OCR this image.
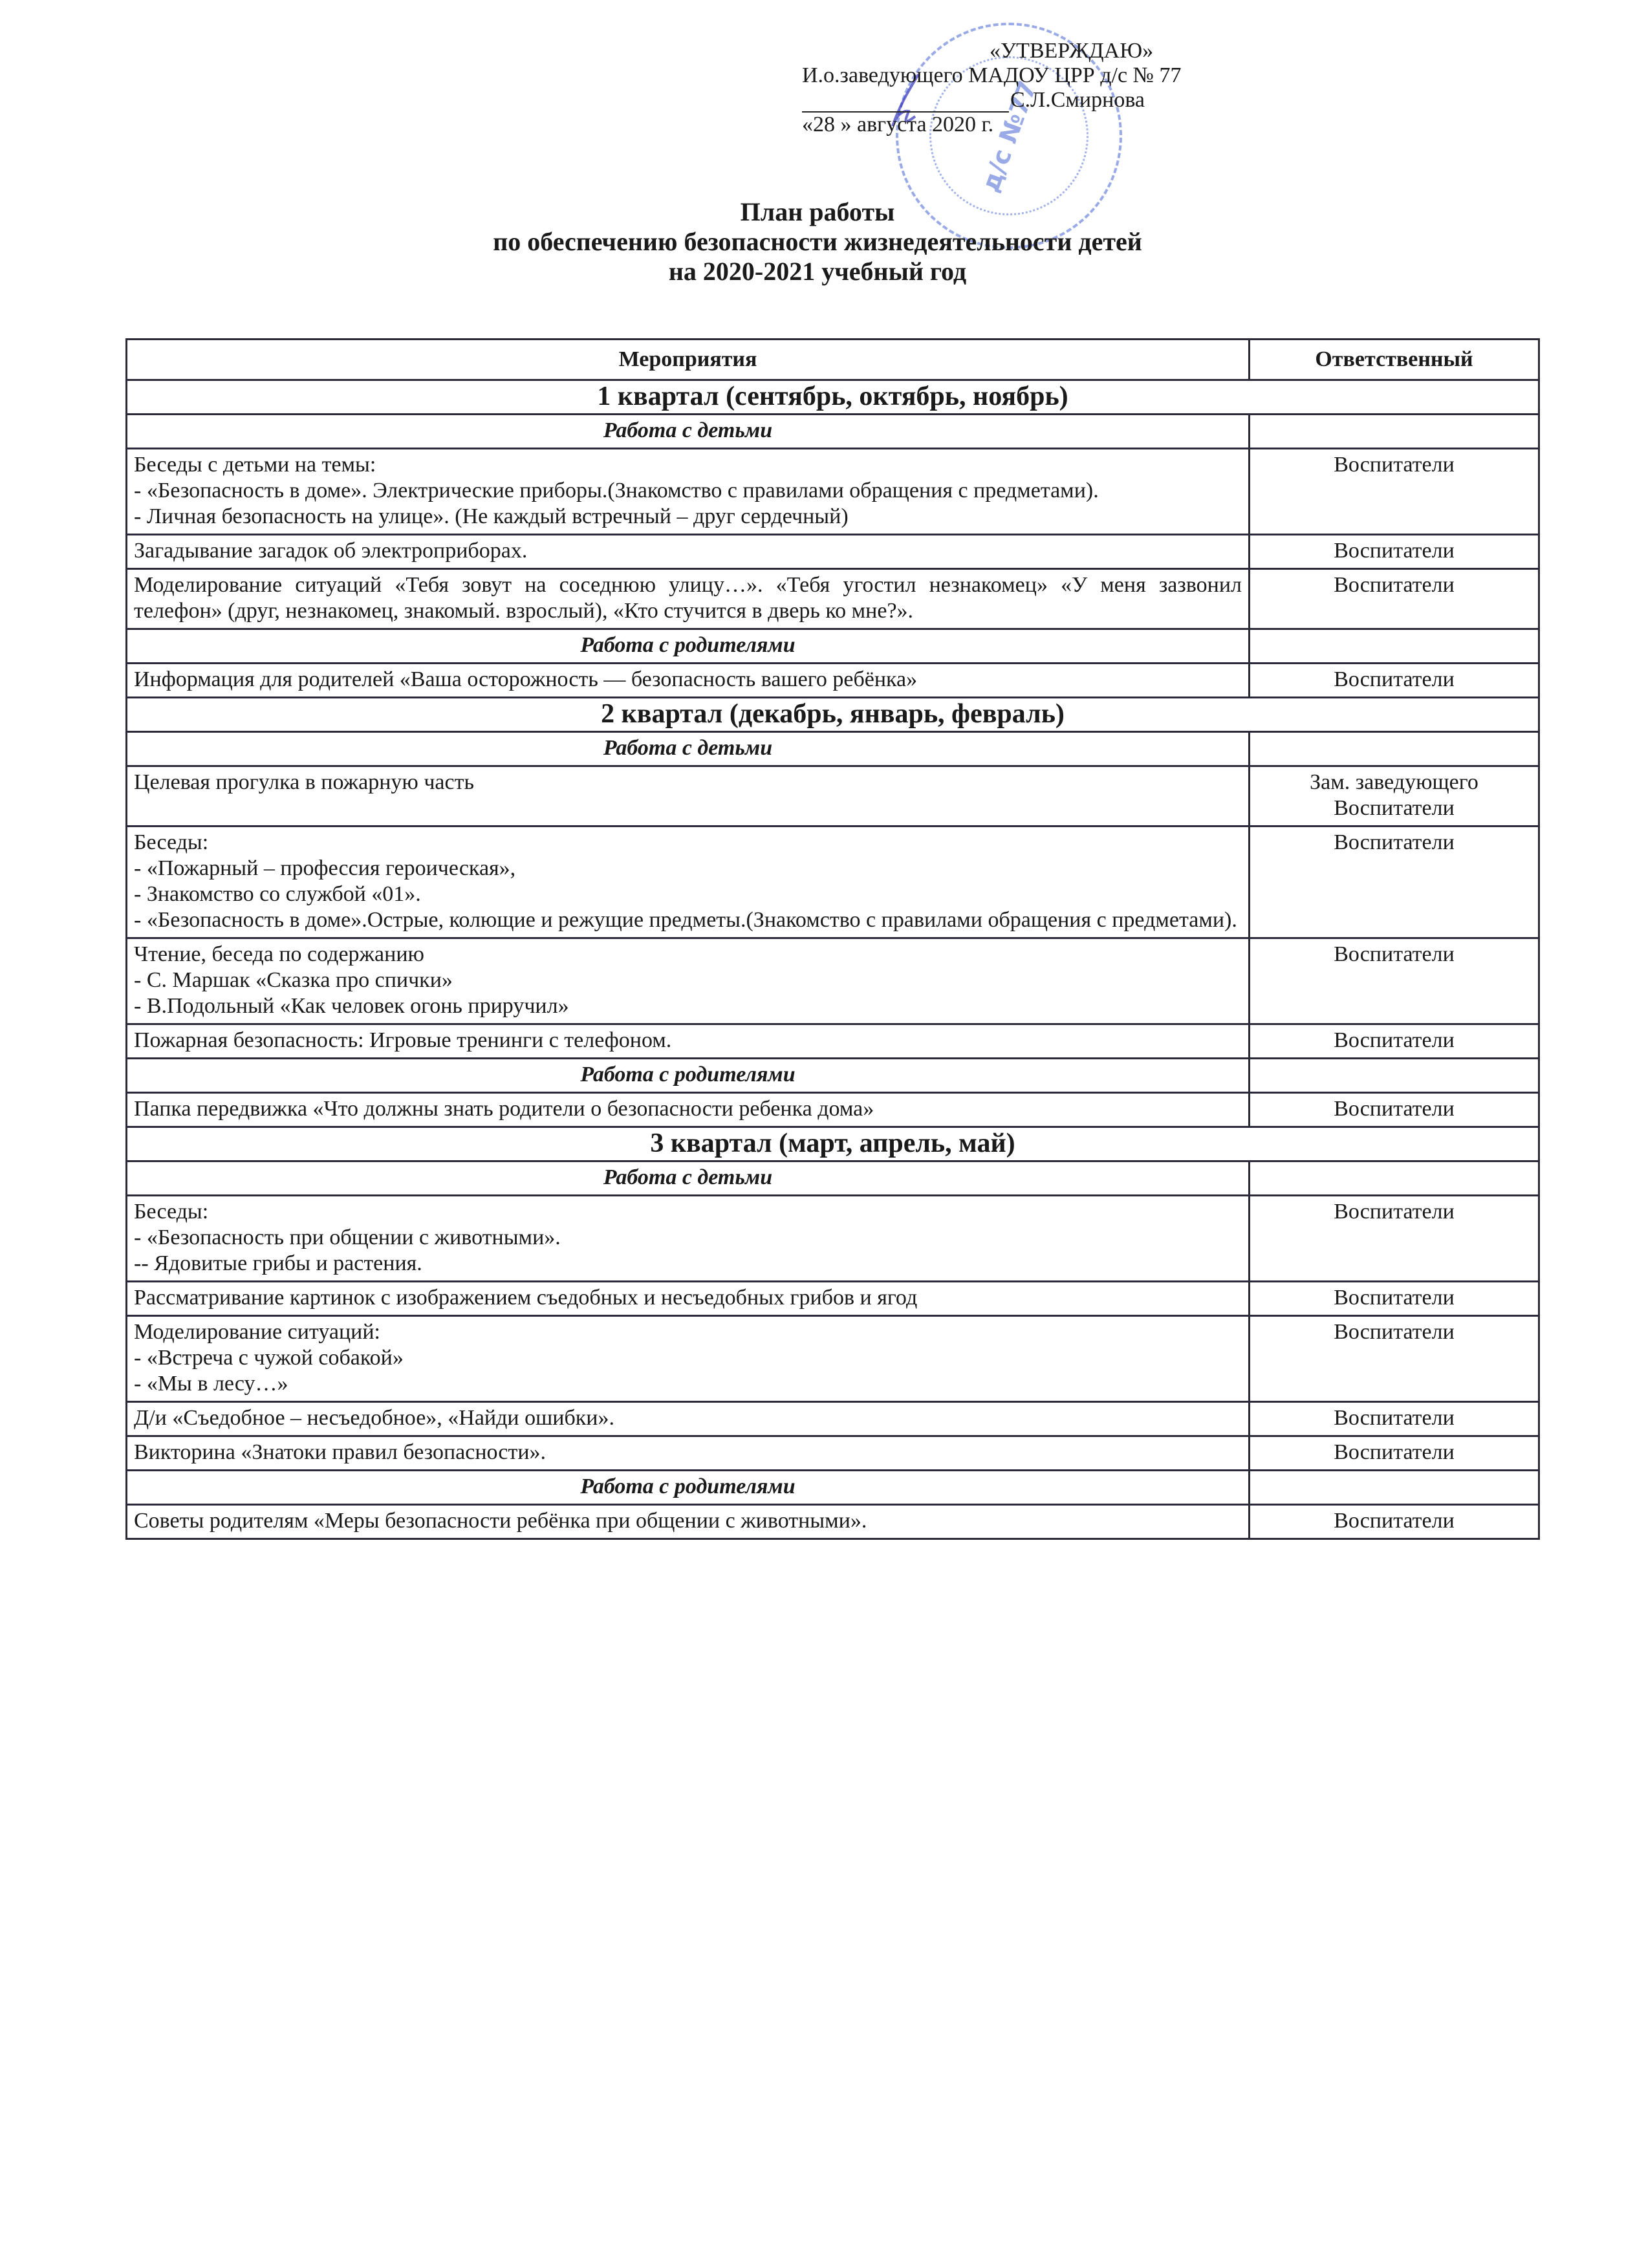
д/с №77
«УТВЕРЖДАЮ»
И.о.заведующего МАДОУ ЦРР д/с № 77
С.Л.Смирнова
«28 » августа 2020 г.
План работы
по обеспечению безопасности жизнедеятельности детей
на 2020-2021 учебный год
Мероприятия	Ответственный
1 квартал (сентябрь, октябрь, ноябрь)	
Работа с детьми	

Беседы с детьми на темы:
- «Безопасность в доме». Электрические приборы.(Знакомство с правилами обращения с предметами).
- Личная безопасность на улице». (Не каждый встречный – друг сердечный)	Воспитатели

Загадывание загадок об электроприборах.	Воспитатели

Моделирование ситуаций «Тебя зовут на соседнюю улицу…». «Тебя угостил незнакомец» «У меня зазвонил телефон» (друг, незнакомец, знакомый. взрослый), «Кто стучится в дверь ко мне?».	Воспитатели

Работа с родителями	

Информация для родителей «Ваша осторожность — безопасность вашего ребёнка»	Воспитатели

2 квартал (декабрь, январь, февраль)	
Работа с детьми	

Целевая прогулка в пожарную часть	Зам. заведующего
Воспитатели

Беседы:
- «Пожарный – профессия героическая»,
- Знакомство со службой «01».
- «Безопасность в доме».Острые, колющие и режущие предметы.(Знакомство с правилами обращения с предметами).	Воспитатели

Чтение, беседа по содержанию
- С. Маршак «Сказка про спички»
- В.Подольный «Как человек огонь приручил»	Воспитатели

Пожарная безопасность: Игровые тренинги с телефоном.	Воспитатели

Работа с родителями	

Папка передвижка «Что должны знать родители о безопасности ребенка дома»	Воспитатели

3 квартал (март, апрель, май)	
Работа с детьми	

Беседы:
- «Безопасность при общении с животными».
-- Ядовитые грибы и растения.	Воспитатели

Рассматривание картинок с изображением съедобных и несъедобных грибов и ягод	Воспитатели

Моделирование ситуаций:
- «Встреча с чужой собакой»
- «Мы в лесу…»	Воспитатели

Д/и «Съедобное – несъедобное», «Найди ошибки».	Воспитатели

Викторина «Знатоки правил безопасности».	Воспитатели

Работа с родителями	

Советы родителям «Меры безопасности ребёнка при общении с животными».	Воспитатели
